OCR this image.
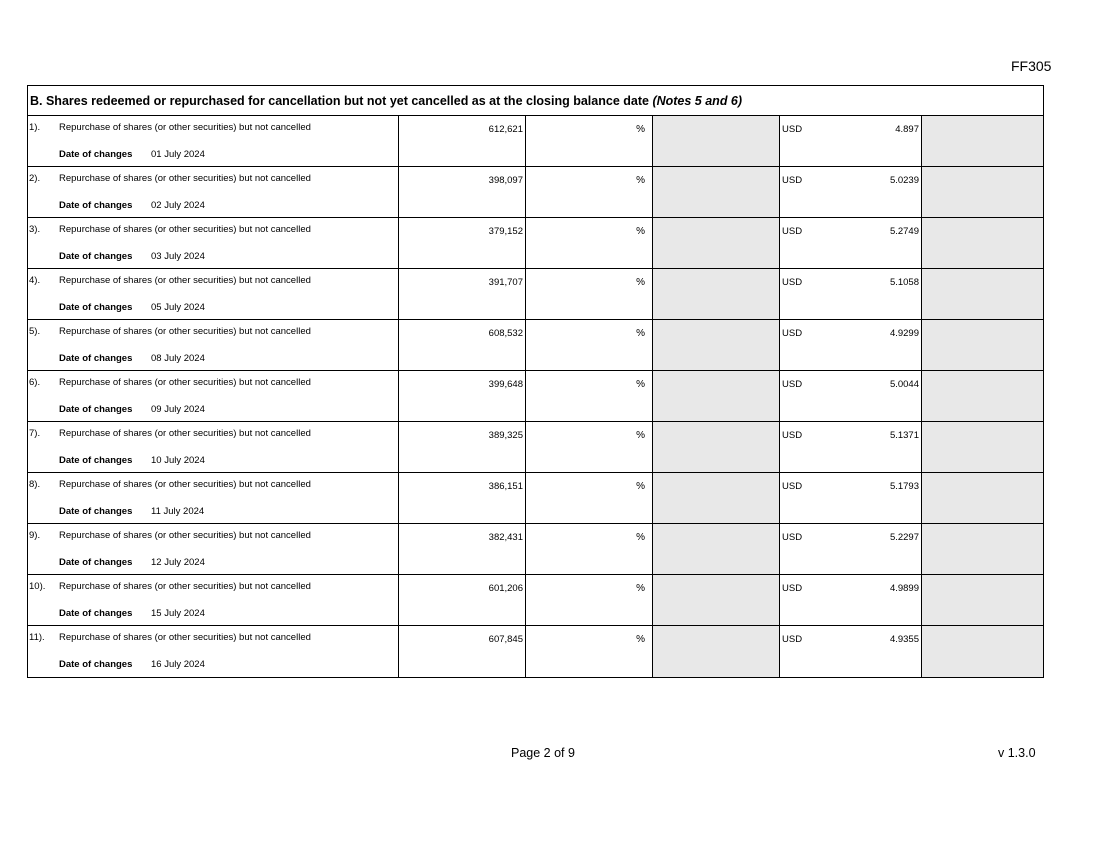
FF305
B. Shares redeemed or repurchased for cancellation but not yet cancelled as at the closing balance date (Notes 5 and 6)
1). Repurchase of shares (or other securities) but not cancelled
Date of changes 01 July 2024
612,621	%	USD	4.897
2). Repurchase of shares (or other securities) but not cancelled
Date of changes 02 July 2024
398,097	%	USD	5.0239
3). Repurchase of shares (or other securities) but not cancelled
Date of changes 03 July 2024
379,152	%	USD	5.2749
4). Repurchase of shares (or other securities) but not cancelled
Date of changes 05 July 2024
391,707	%	USD	5.1058
5). Repurchase of shares (or other securities) but not cancelled
Date of changes 08 July 2024
608,532	%	USD	4.9299
6). Repurchase of shares (or other securities) but not cancelled
Date of changes 09 July 2024
399,648	%	USD	5.0044
7). Repurchase of shares (or other securities) but not cancelled
Date of changes 10 July 2024
389,325	%	USD	5.1371
8). Repurchase of shares (or other securities) but not cancelled
Date of changes 11 July 2024
386,151	%	USD	5.1793
9). Repurchase of shares (or other securities) but not cancelled
Date of changes 12 July 2024
382,431	%	USD	5.2297
10). Repurchase of shares (or other securities) but not cancelled
Date of changes 15 July 2024
601,206	%	USD	4.9899
11). Repurchase of shares (or other securities) but not cancelled
Date of changes 16 July 2024
607,845	%	USD	4.9355
Page 2 of 9	v 1.3.0
